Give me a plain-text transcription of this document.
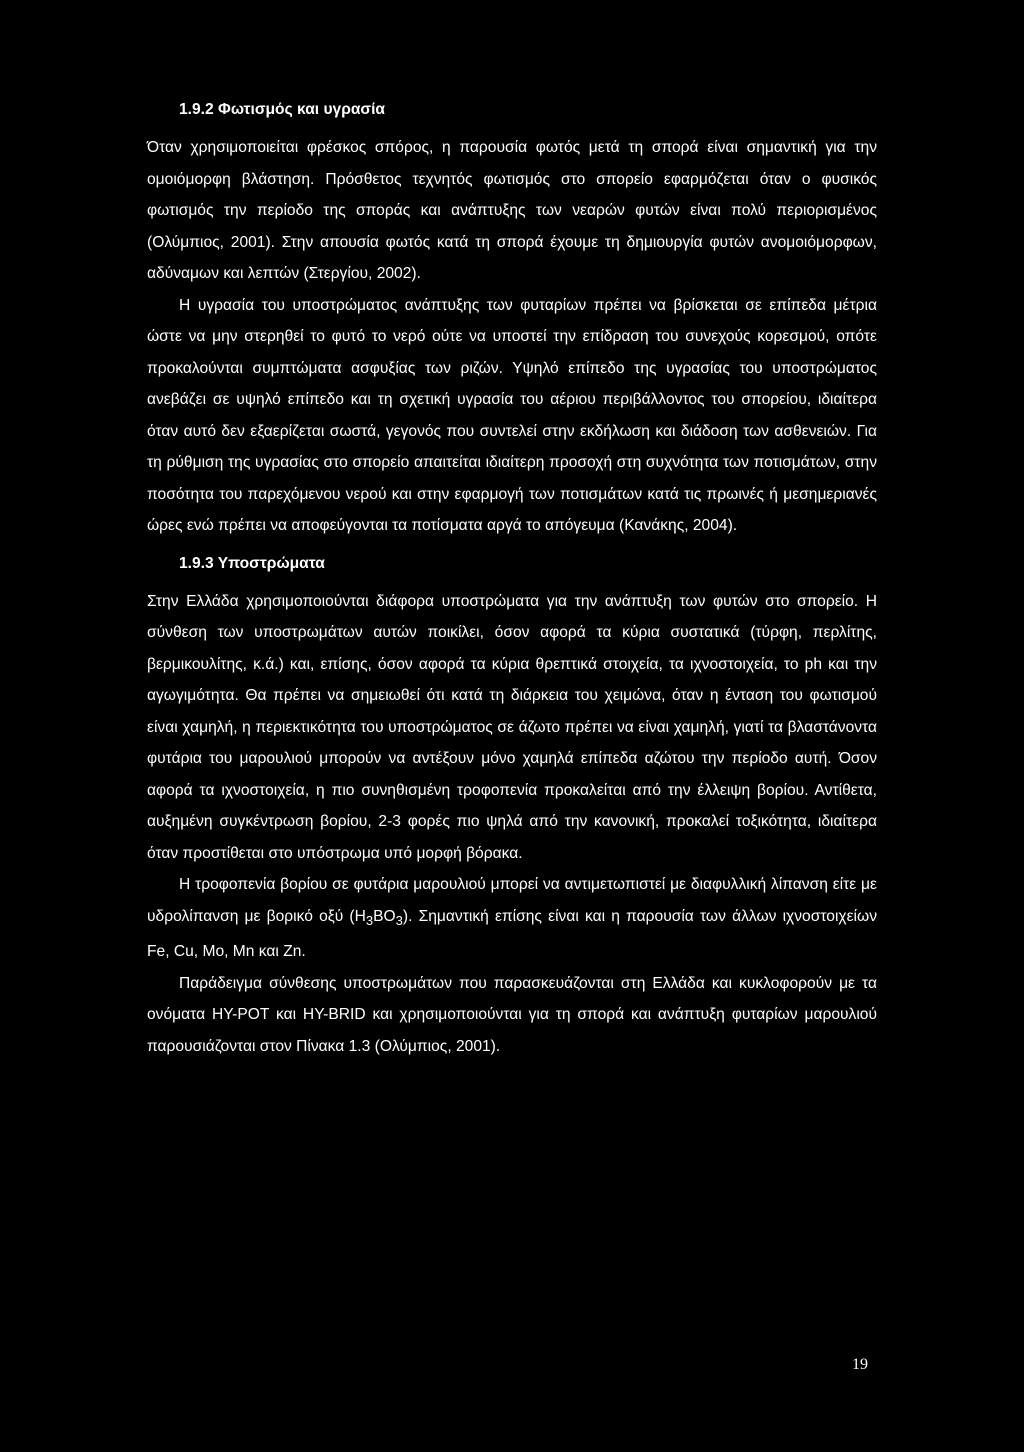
1.9.2 Φωτισμός και υγρασία

Όταν χρησιμοποιείται φρέσκος σπόρος, η παρουσία φωτός μετά τη σπορά είναι σημαντική για την ομοιόμορφη βλάστηση. Πρόσθετος τεχνητός φωτισμός στο σπορείο εφαρμόζεται όταν ο φυσικός φωτισμός την περίοδο της σποράς και ανάπτυξης των νεαρών φυτών είναι πολύ περιορισμένος (Ολύμπιος, 2001). Στην απουσία φωτός κατά τη σπορά έχουμε τη δημιουργία φυτών ανομοιόμορφων, αδύναμων και λεπτών (Στεργίου, 2002).

Η υγρασία του υποστρώματος ανάπτυξης των φυταρίων πρέπει να βρίσκεται σε επίπεδα μέτρια ώστε να μην στερηθεί το φυτό το νερό ούτε να υποστεί την επίδραση του συνεχούς κορεσμού, οπότε προκαλούνται συμπτώματα ασφυξίας των ριζών. Υψηλό επίπεδο της υγρασίας του υποστρώματος ανεβάζει σε υψηλό επίπεδο και τη σχετική υγρασία του αέριου περιβάλλοντος του σπορείου, ιδιαίτερα όταν αυτό δεν εξαερίζεται σωστά, γεγονός που συντελεί στην εκδήλωση και διάδοση των ασθενειών. Για τη ρύθμιση της υγρασίας στο σπορείο απαιτείται ιδιαίτερη προσοχή στη συχνότητα των ποτισμάτων, στην ποσότητα του παρεχόμενου νερού και στην εφαρμογή των ποτισμάτων κατά τις πρωινές ή μεσημεριανές ώρες ενώ πρέπει να αποφεύγονται τα ποτίσματα αργά το απόγευμα (Κανάκης, 2004).

1.9.3 Υποστρώματα

Στην Ελλάδα χρησιμοποιούνται διάφορα υποστρώματα για την ανάπτυξη των φυτών στο σπορείο. Η σύνθεση των υποστρωμάτων αυτών ποικίλει, όσον αφορά τα κύρια συστατικά (τύρφη, περλίτης, βερμικουλίτης, κ.ά.) και, επίσης, όσον αφορά τα κύρια θρεπτικά στοιχεία, τα ιχνοστοιχεία, το ph και την αγωγιμότητα. Θα πρέπει να σημειωθεί ότι κατά τη διάρκεια του χειμώνα, όταν η ένταση του φωτισμού είναι χαμηλή, η περιεκτικότητα του υποστρώματος σε άζωτο πρέπει να είναι χαμηλή, γιατί τα βλαστάνοντα φυτάρια του μαρουλιού μπορούν να αντέξουν μόνο χαμηλά επίπεδα αζώτου την περίοδο αυτή. Όσον αφορά τα ιχνοστοιχεία, η πιο συνηθισμένη τροφοπενία προκαλείται από την έλλειψη βορίου. Αντίθετα, αυξημένη συγκέντρωση βορίου, 2-3 φορές πιο ψηλά από την κανονική, προκαλεί τοξικότητα, ιδιαίτερα όταν προστίθεται στο υπόστρωμα υπό μορφή βόρακα.

Η τροφοπενία βορίου σε φυτάρια μαρουλιού μπορεί να αντιμετωπιστεί με διαφυλλική λίπανση είτε με υδρολίπανση με βορικό οξύ $(H_3BO_3)$. Σημαντική επίσης είναι και η παρουσία των άλλων ιχνοστοιχείων Fe, Cu, Mo, Mn και Zn.

Παράδειγμα σύνθεσης υποστρωμάτων που παρασκευάζονται στη Ελλάδα και κυκλοφορούν με τα ονόματα HY-POT και HY-BRID και χρησιμοποιούνται για τη σπορά και ανάπτυξη φυταρίων μαρουλιού παρουσιάζονται στον Πίνακα 1.3 (Ολύμπιος, 2001).

19
